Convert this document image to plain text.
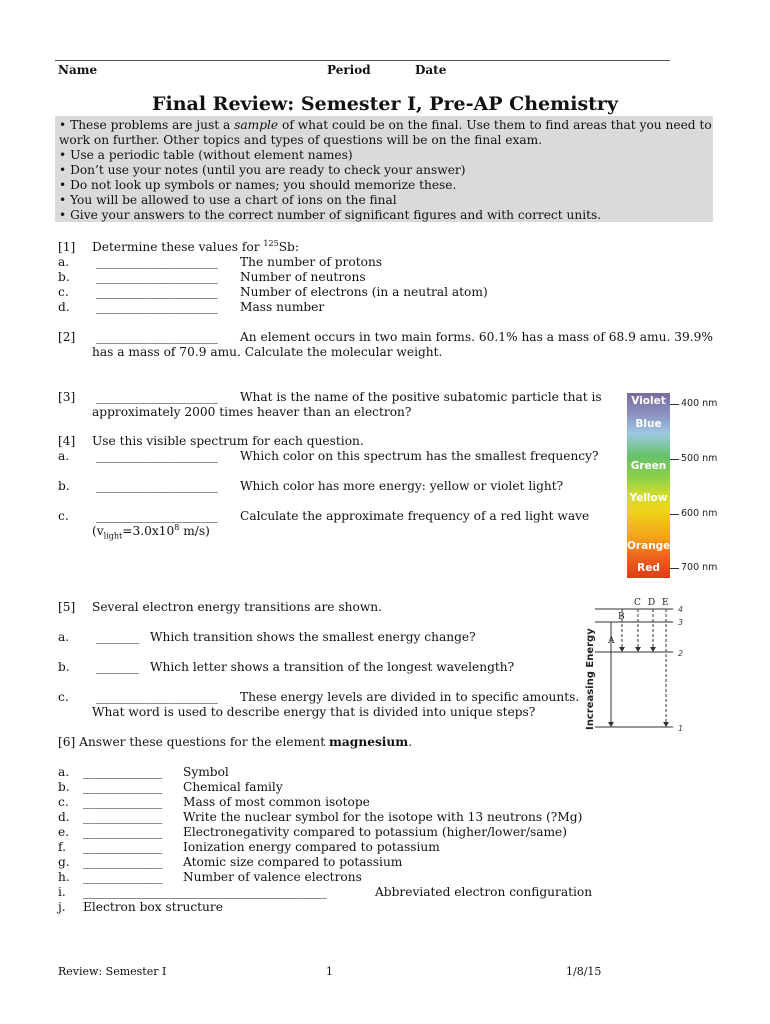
Name	Period	Date
Final Review: Semester I, Pre-AP Chemistry
• These problems are just a sample of what could be on the final. Use them to find areas that you need to
work on further. Other topics and types of questions will be on the final exam.
• Use a periodic table (without element names)
• Don’t use your notes (until you are ready to check your answer)
• Do not look up symbols or names; you should memorize these.
• You will be allowed to use a chart of ions on the final
• Give your answers to the correct number of significant figures and with correct units.
[1] Determine these values for $^{125}$Sb:
a. ____________________ The number of protons
b. ____________________ Number of neutrons
c. ____________________ Number of electrons (in a neutral atom)
d. ____________________ Mass number
[2] ____________________ An element occurs in two main forms. 60.1% has a mass of 68.9 amu. 39.9%
has a mass of 70.9 amu. Calculate the molecular weight.
[3] ____________________ What is the name of the positive subatomic particle that is
approximately 2000 times heaver than an electron?
[4] Use this visible spectrum for each question.
a. ____________________ Which color on this spectrum has the smallest frequency?
b. ____________________ Which color has more energy: yellow or violet light?
c. ____________________ Calculate the approximate frequency of a red light wave
($v_{light}=3.0x10^8$ m/s)
Violet
Blue
Green
Yellow
Orange
Red
400 nm
500 nm
600 nm
700 nm
[5] Several electron energy transitions are shown.
a. _______ Which transition shows the smallest energy change?
b. _______ Which letter shows a transition of the longest wavelength?
c. ____________________ These energy levels are divided in to specific amounts.
What word is used to describe energy that is divided into unique steps?	Increasing Energy
4
3
2
1
A
B
C D E
[6] Answer these questions for the element magnesium.
a. _____________ Symbol
b. _____________ Chemical family
c. _____________ Mass of most common isotope
d. _____________ Write the nuclear symbol for the isotope with 13 neutrons (?Mg)
e. _____________ Electronegativity compared to potassium (higher/lower/same)
f. _____________ Ionization energy compared to potassium
g. _____________ Atomic size compared to potassium
h. _____________ Number of valence electrons
i. ________________________________________	Abbreviated electron configuration
j. Electron box structure
Review: Semester I	1	1/8/15
